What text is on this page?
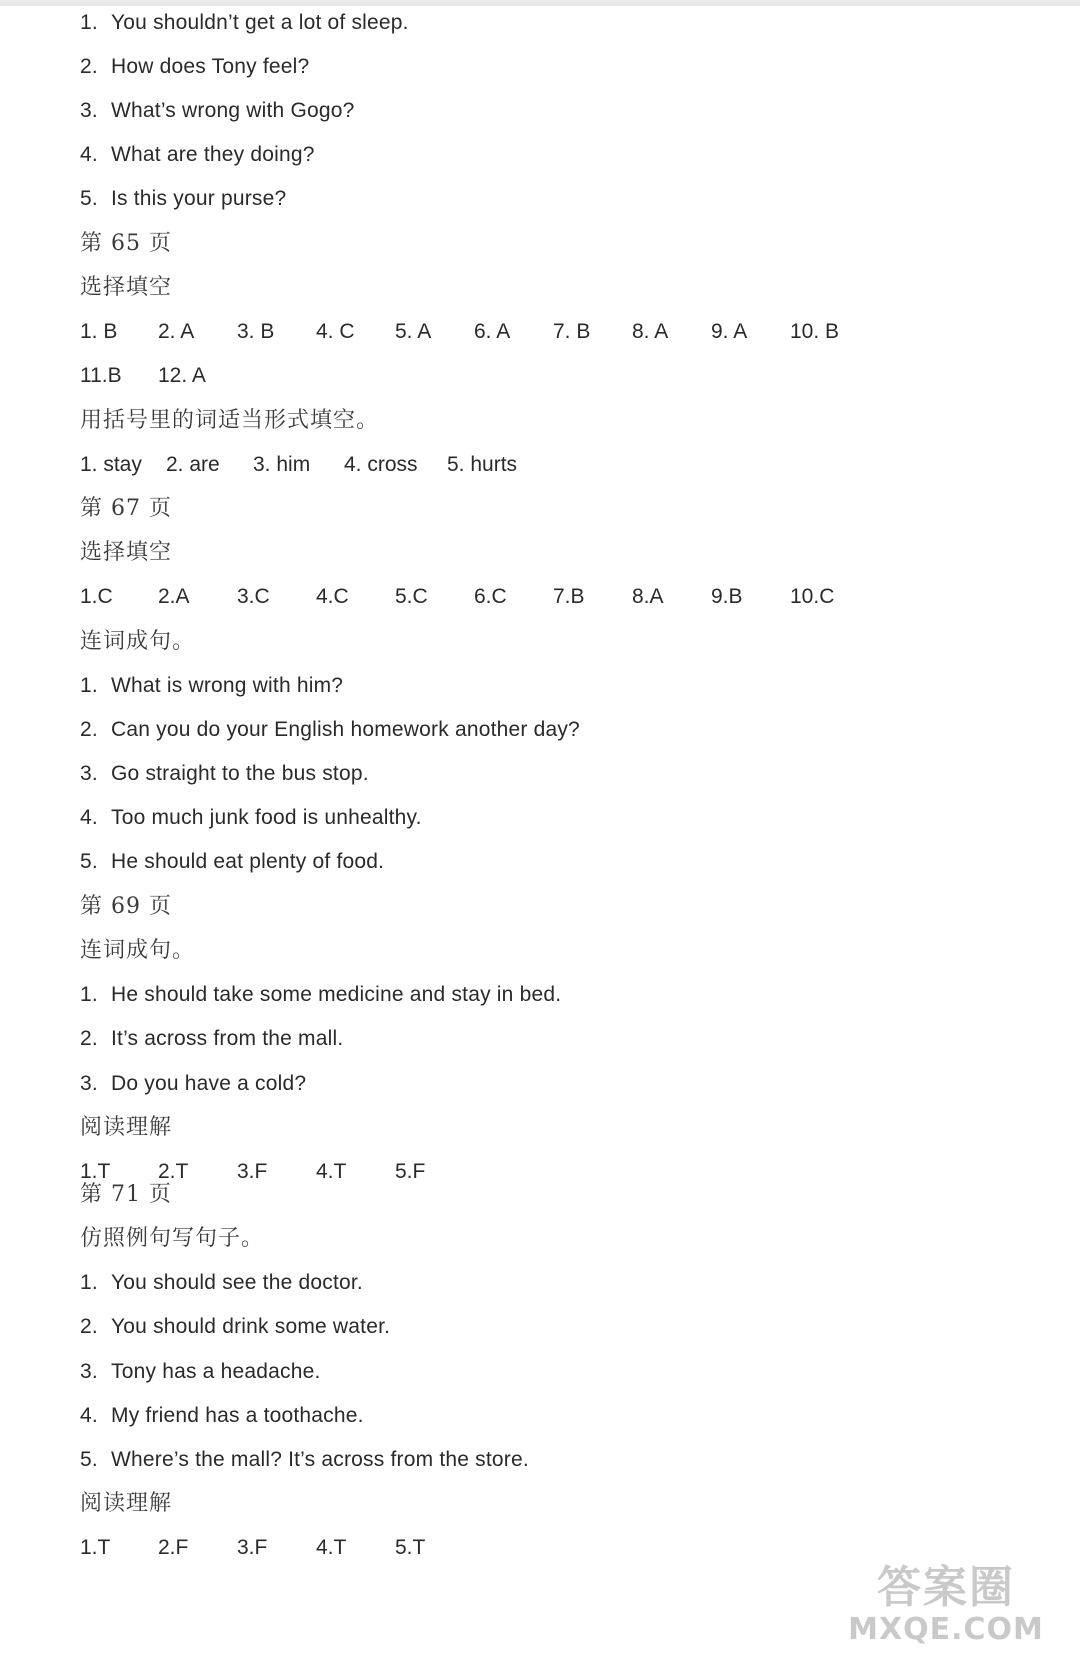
1. You shouldn’t get a lot of sleep.
2. How does Tony feel?
3. What’s wrong with Gogo?
4. What are they doing?
5. Is this your purse?
第 65 页
选择填空
1. B 2. A 3. B 4. C 5. A 6. A 7. B 8. A 9. A 10. B
11.B 12. A
用括号里的词适当形式填空。
1. stay 2. are 3. him 4. cross 5. hurts
第 67 页
选择填空
1.C 2.A 3.C 4.C 5.C 6.C 7.B 8.A 9.B 10.C
连词成句。
1. What is wrong with him?
2. Can you do your English homework another day?
3. Go straight to the bus stop.
4. Too much junk food is unhealthy.
5. He should eat plenty of food.
第 69 页
连词成句。
1. He should take some medicine and stay in bed.
2. It’s across from the mall.
3. Do you have a cold?
阅读理解
1.T 2.T 3.F 4.T 5.F
第 71 页
仿照例句写句子。
1. You should see the doctor.
2. You should drink some water.
3. Tony has a headache.
4. My friend has a toothache.
5. Where’s the mall? It’s across from the store.
阅读理解
1.T 2.F 3.F 4.T 5.T
答案圈
MXQE.COM
